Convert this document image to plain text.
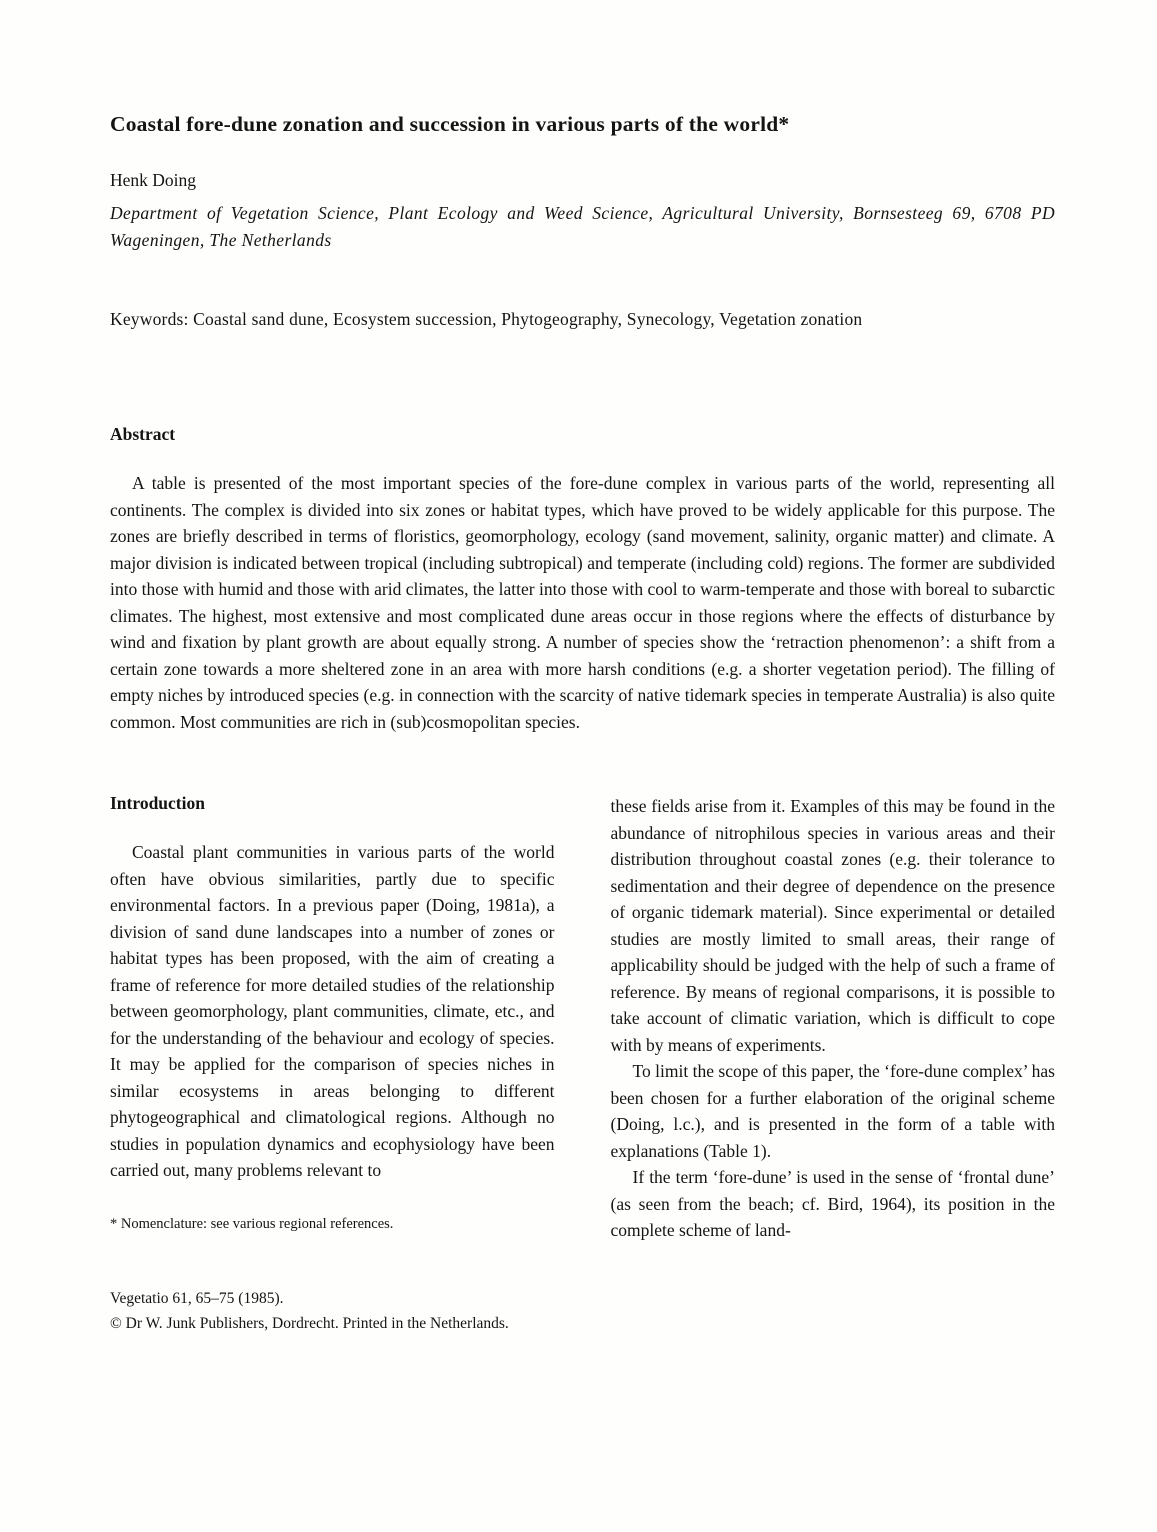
Coastal fore-dune zonation and succession in various parts of the world*

Henk Doing

Department of Vegetation Science, Plant Ecology and Weed Science, Agricultural University, Bornsesteeg 69, 6708 PD Wageningen, The Netherlands

Keywords: Coastal sand dune, Ecosystem succession, Phytogeography, Synecology, Vegetation zonation

Abstract

A table is presented of the most important species of the fore-dune complex in various parts of the world, representing all continents. The complex is divided into six zones or habitat types, which have proved to be widely applicable for this purpose. The zones are briefly described in terms of floristics, geomorphology, ecology (sand movement, salinity, organic matter) and climate. A major division is indicated between tropical (including subtropical) and temperate (including cold) regions. The former are subdivided into those with humid and those with arid climates, the latter into those with cool to warm-temperate and those with boreal to subarctic climates. The highest, most extensive and most complicated dune areas occur in those regions where the effects of disturbance by wind and fixation by plant growth are about equally strong. A number of species show the ‘retraction phenomenon’: a shift from a certain zone towards a more sheltered zone in an area with more harsh conditions (e.g. a shorter vegetation period). The filling of empty niches by introduced species (e.g. in connection with the scarcity of native tidemark species in temperate Australia) is also quite common. Most communities are rich in (sub)cosmopolitan species.

Introduction

Coastal plant communities in various parts of the world often have obvious similarities, partly due to specific environmental factors. In a previous paper (Doing, 1981a), a division of sand dune landscapes into a number of zones or habitat types has been proposed, with the aim of creating a frame of reference for more detailed studies of the relationship between geomorphology, plant communities, climate, etc., and for the understanding of the behaviour and ecology of species. It may be applied for the comparison of species niches in similar ecosystems in areas belonging to different phytogeographical and climatological regions. Although no studies in population dynamics and ecophysiology have been carried out, many problems relevant to

* Nomenclature: see various regional references.

these fields arise from it. Examples of this may be found in the abundance of nitrophilous species in various areas and their distribution throughout coastal zones (e.g. their tolerance to sedimentation and their degree of dependence on the presence of organic tidemark material). Since experimental or detailed studies are mostly limited to small areas, their range of applicability should be judged with the help of such a frame of reference. By means of regional comparisons, it is possible to take account of climatic variation, which is difficult to cope with by means of experiments.

To limit the scope of this paper, the ‘fore-dune complex’ has been chosen for a further elaboration of the original scheme (Doing, l.c.), and is presented in the form of a table with explanations (Table 1).

If the term ‘fore-dune’ is used in the sense of ‘frontal dune’ (as seen from the beach; cf. Bird, 1964), its position in the complete scheme of land-

Vegetatio 61, 65–75 (1985).

© Dr W. Junk Publishers, Dordrecht. Printed in the Netherlands.
